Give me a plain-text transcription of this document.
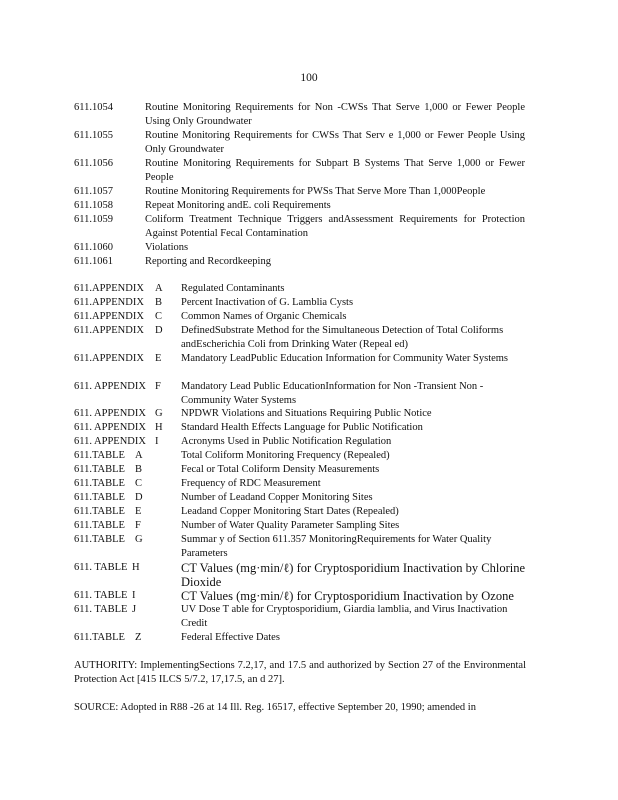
100
611.1054	Routine Monitoring Requirements for Non -CWSs That Serve 1,000 or Fewer People Using Only Groundwater
611.1055	Routine Monitoring Requirements for CWSs That Serv e 1,000 or Fewer People Using Only Groundwater
611.1056	Routine Monitoring Requirements for Subpart B Systems That Serve 1,000 or Fewer People
611.1057	Routine Monitoring Requirements for PWSs That Serve More Than 1,000People
611.1058	Repeat Monitoring andE. coli Requirements
611.1059	Coliform Treatment Technique Triggers andAssessment Requirements for Protection Against Potential Fecal Contamination
611.1060	Violations
611.1061	Reporting and Recordkeeping
611.APPENDIX A Regulated Contaminants
611.APPENDIX B Percent Inactivation of G. Lamblia Cysts
611.APPENDIX C Common Names of Organic Chemicals
611.APPENDIX D DefinedSubstrate Method for the Simultaneous Detection of Total Coliforms andEscherichia Coli from Drinking Water (Repeal ed)
611.APPENDIX E Mandatory LeadPublic Education Information for Community Water Systems
611. APPENDIX F Mandatory Lead Public EducationInformation for Non -Transient Non - Community Water Systems
611. APPENDIX G NPDWR Violations and Situations Requiring Public Notice
611. APPENDIX H Standard Health Effects Language for Public Notification
611. APPENDIX I Acronyms Used in Public Notification Regulation
611.TABLE A	Total Coliform Monitoring Frequency (Repealed)
611.TABLE B	Fecal or Total Coliform Density Measurements
611.TABLE C	Frequency of RDC Measurement
611.TABLE D	Number of Leadand Copper Monitoring Sites
611.TABLE E	Leadand Copper Monitoring Start Dates (Repealed)
611.TABLE F	Number of Water Quality Parameter Sampling Sites
611.TABLE G	Summar y of Section 611.357 MonitoringRequirements for Water Quality Parameters
611. TABLE H	CT Values (mg·min/ℓ) for Cryptosporidium Inactivation by Chlorine Dioxide
611. TABLE I	CT Values (mg·min/ℓ) for Cryptosporidium Inactivation by Ozone
611. TABLE J	UV Dose T able for Cryptosporidium, Giardia lamblia, and Virus Inactivation Credit
611.TABLE Z	Federal Effective Dates
AUTHORITY: ImplementingSections 7.2,17, and 17.5 and authorized by Section 27 of the Environmental Protection Act [415 ILCS 5/7.2, 17,17.5, an d 27].
SOURCE: Adopted in R88 -26 at 14 Ill. Reg. 16517, effective September 20, 1990; amended in
